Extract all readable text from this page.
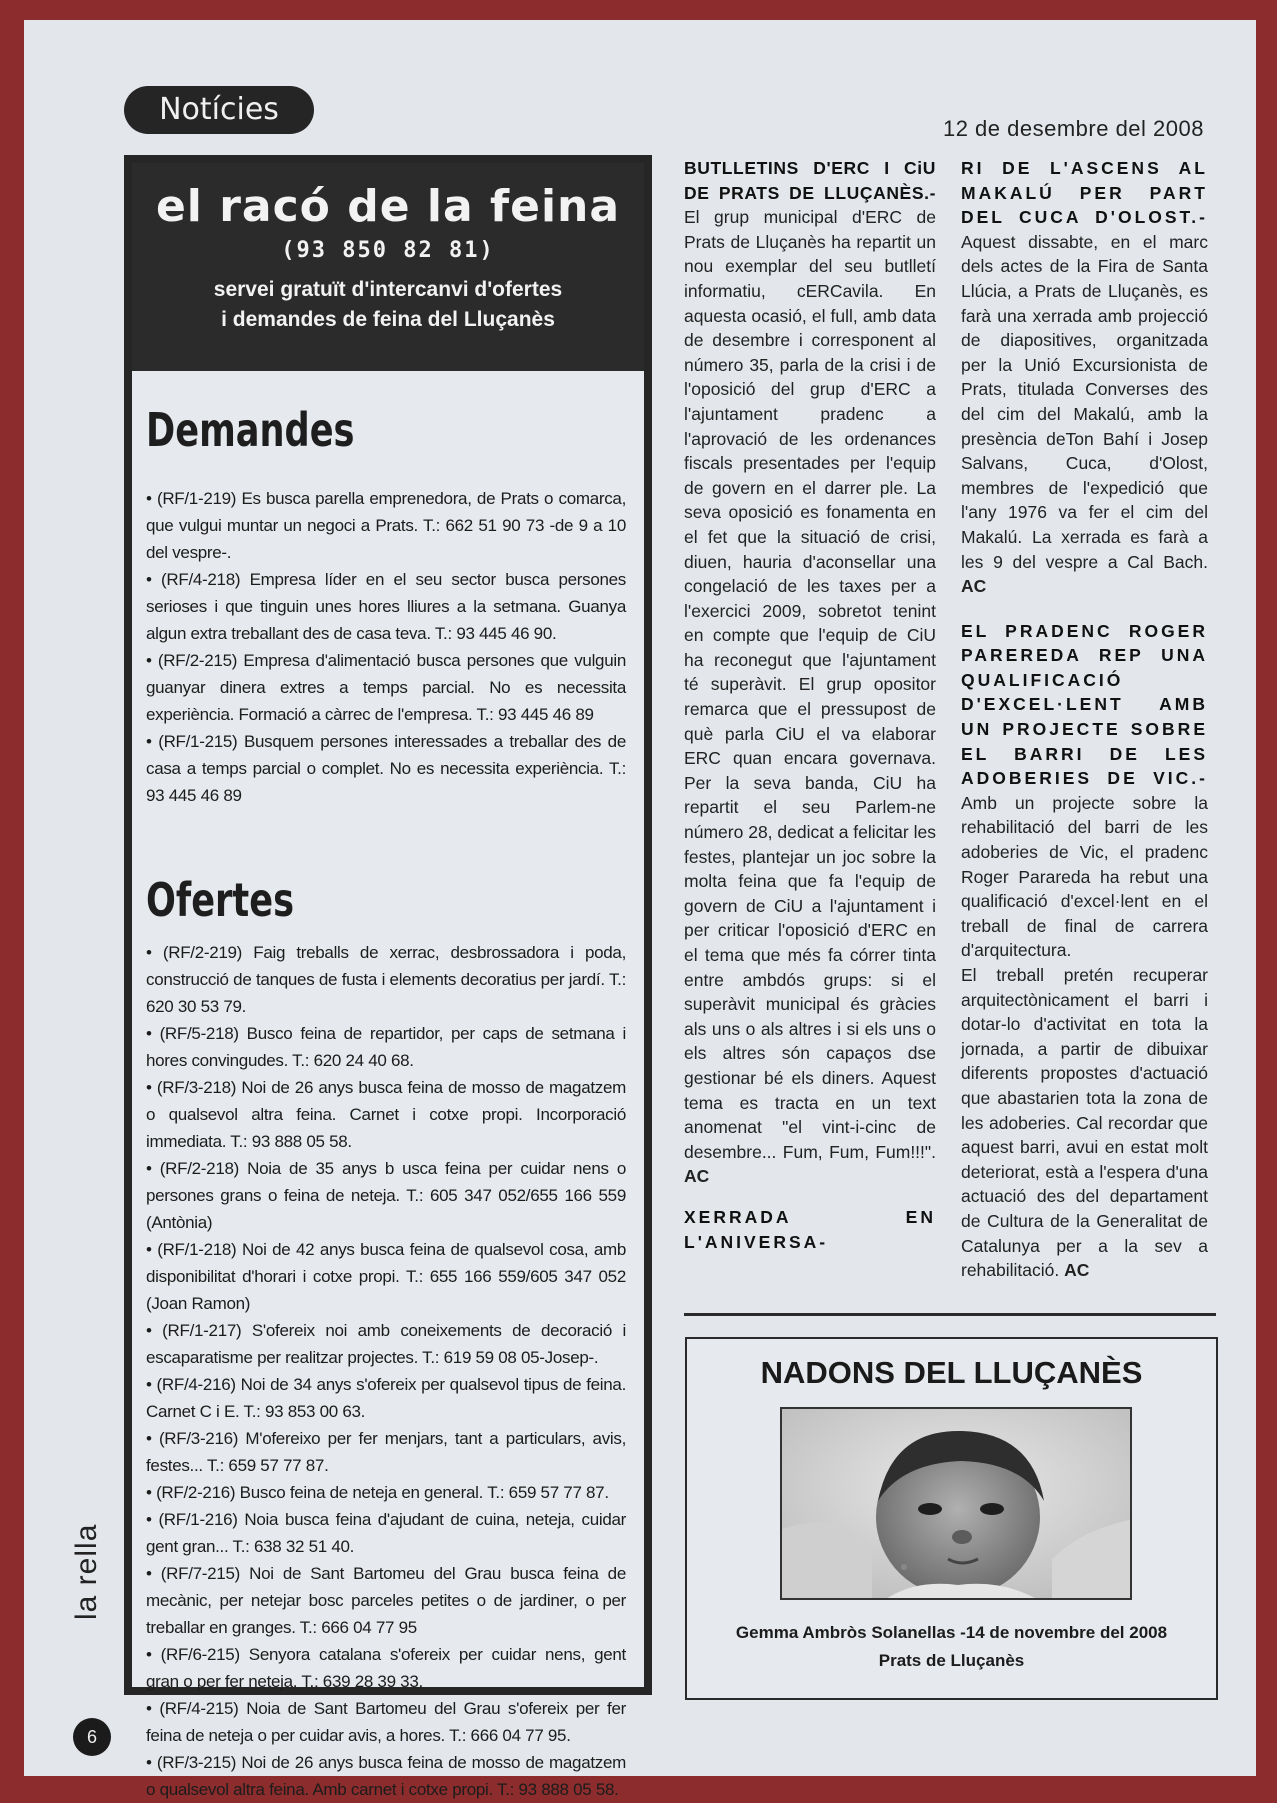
Notícies
12 de desembre del 2008
el racó de la feina
(93 850 82 81)
servei gratuït d'intercanvi d'ofertes
i demandes de feina del Lluçanès
Demandes
• (RF/1-219) Es busca parella emprenedora, de Prats o comarca, que vulgui muntar un negoci a Prats. T.: 662 51 90 73 -de 9 a 10 del vespre-.
• (RF/4-218) Empresa líder en el seu sector busca persones serioses i que tinguin unes hores lliures a la setmana. Guanya algun extra treballant des de casa teva. T.: 93 445 46 90.
• (RF/2-215) Empresa d'alimentació busca persones que vulguin guanyar dinera extres a temps parcial. No es necessita experiència. Formació a càrrec de l'empresa. T.: 93 445 46 89
• (RF/1-215) Busquem persones interessades a treballar des de casa a temps parcial o complet. No es necessita experiència. T.: 93 445 46 89
Ofertes
• (RF/2-219) Faig treballs de xerrac, desbrossadora i poda, construcció de tanques de fusta i elements decoratius per jardí. T.: 620 30 53 79.
• (RF/5-218) Busco feina de repartidor, per caps de setmana i hores convingudes. T.: 620 24 40 68.
• (RF/3-218) Noi de 26 anys busca feina de mosso de magatzem o qualsevol altra feina. Carnet i cotxe propi. Incorporació immediata. T.: 93 888 05 58.
• (RF/2-218) Noia de 35 anys b usca feina per cuidar nens o persones grans o feina de neteja. T.: 605 347 052/655 166 559 (Antònia)
• (RF/1-218) Noi de 42 anys busca feina de qualsevol cosa, amb disponibilitat d'horari i cotxe propi. T.: 655 166 559/605 347 052 (Joan Ramon)
• (RF/1-217) S'ofereix noi amb coneixements de decoració i escaparatisme per realitzar projectes. T.: 619 59 08 05-Josep-.
• (RF/4-216) Noi de 34 anys s'ofereix per qualsevol tipus de feina. Carnet C i E. T.: 93 853 00 63.
• (RF/3-216) M'ofereixo per fer menjars, tant a particulars, avis, festes... T.: 659 57 77 87.
• (RF/2-216) Busco feina de neteja en general. T.: 659 57 77 87.
• (RF/1-216) Noia busca feina d'ajudant de cuina, neteja, cuidar gent gran... T.: 638 32 51 40.
• (RF/7-215) Noi de Sant Bartomeu del Grau busca feina de mecànic, per netejar bosc parceles petites o de jardiner, o per treballar en granges. T.: 666 04 77 95
• (RF/6-215) Senyora catalana s'ofereix per cuidar nens, gent gran o per fer neteja. T.: 639 28 39 33.
• (RF/4-215) Noia de Sant Bartomeu del Grau s'ofereix per fer feina de neteja o per cuidar avis, a hores. T.: 666 04 77 95.
• (RF/3-215) Noi de 26 anys busca feina de mosso de magatzem o qualsevol altra feina. Amb carnet i cotxe propi. T.: 93 888 05 58.
BUTLLETINS D'ERC I CiU DE PRATS DE LLUÇANÈS.- El grup municipal d'ERC de Prats de Lluçanès ha repartit un nou exemplar del seu butlletí informatiu, cERCavila. En aquesta ocasió, el full, amb data de desembre i corresponent al número 35, parla de la crisi i de l'oposició del grup d'ERC a l'ajuntament pradenc a l'aprovació de les ordenances fiscals presentades per l'equip de govern en el darrer ple. La seva oposició es fonamenta en el fet que la situació de crisi, diuen, hauria d'aconsellar una congelació de les taxes per a l'exercici 2009, sobretot tenint en compte que l'equip de CiU ha reconegut que l'ajuntament té superàvit. El grup opositor remarca que el pressupost de què parla CiU el va elaborar ERC quan encara governava. Per la seva banda, CiU ha repartit el seu Parlem-ne número 28, dedicat a felicitar les festes, plantejar un joc sobre la molta feina que fa l'equip de govern de CiU a l'ajuntament i per criticar l'oposició d'ERC en el tema que més fa córrer tinta entre ambdós grups: si el superàvit municipal és gràcies als uns o als altres i si els uns o els altres són capaços dse gestionar bé els diners. Aquest tema es tracta en un text anomenat "el vint-i-cinc de desembre... Fum, Fum, Fum!!!". AC
XERRADA EN L'ANIVERSA-
RI DE L'ASCENS AL MAKALÚ PER PART DEL CUCA D'OLOST.- Aquest dissabte, en el marc dels actes de la Fira de Santa Llúcia, a Prats de Lluçanès, es farà una xerrada amb projecció de diapositives, organitzada per la Unió Excursionista de Prats, titulada Converses des del cim del Makalú, amb la presència deTon Bahí i Josep Salvans, Cuca, d'Olost, membres de l'expedició que l'any 1976 va fer el cim del Makalú. La xerrada es farà a les 9 del vespre a Cal Bach. AC
EL PRADENC ROGER PAREREDA REP UNA QUALIFICACIÓ D'EXCEL·LENT AMB UN PROJECTE SOBRE EL BARRI DE LES ADOBERIES DE VIC.- Amb un projecte sobre la rehabilitació del barri de les adoberies de Vic, el pradenc Roger Parareda ha rebut una qualificació d'excel·lent en el treball de final de carrera d'arquitectura.
El treball pretén recuperar arquitectònicament el barri i dotar-lo d'activitat en tota la jornada, a partir de dibuixar diferents propostes d'actuació que abastarien tota la zona de les adoberies. Cal recordar que aquest barri, avui en estat molt deteriorat, està a l'espera d'una actuació des del departament de Cultura de la Generalitat de Catalunya per a la sev a rehabilitació. AC
NADONS DEL LLUÇANÈS
Gemma Ambròs Solanellas -14 de novembre del 2008
Prats de Lluçanès
la rella
6
